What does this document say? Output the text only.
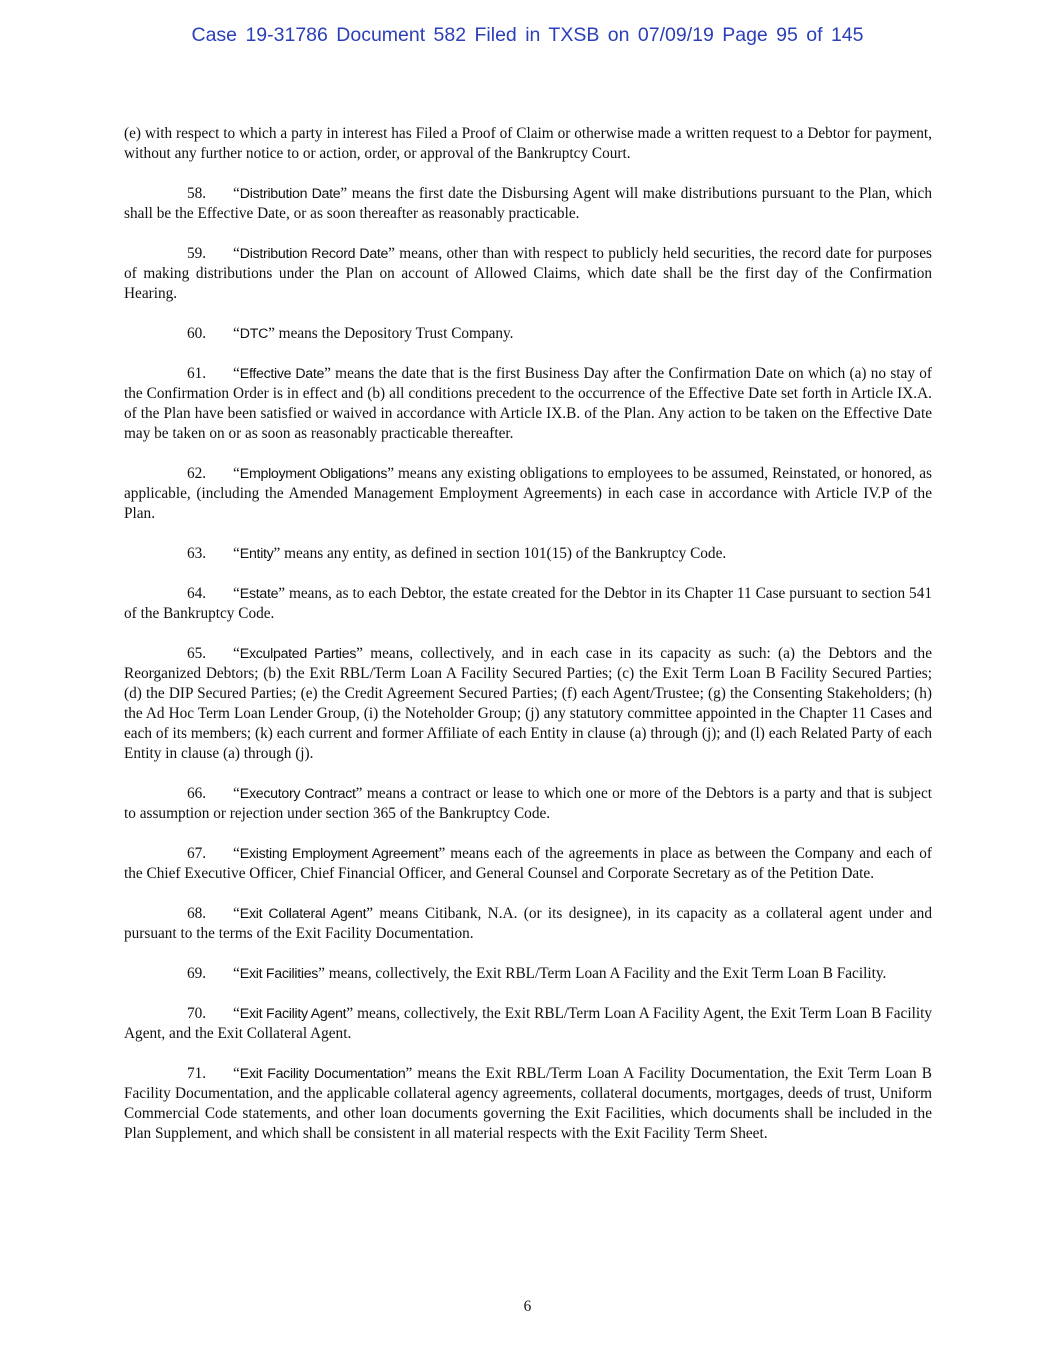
Case 19-31786 Document 582 Filed in TXSB on 07/09/19 Page 95 of 145

(e) with respect to which a party in interest has Filed a Proof of Claim or otherwise made a written request to a Debtor for payment, without any further notice to or action, order, or approval of the Bankruptcy Court.

58. “Distribution Date” means the first date the Disbursing Agent will make distributions pursuant to the Plan, which shall be the Effective Date, or as soon thereafter as reasonably practicable.

59. “Distribution Record Date” means, other than with respect to publicly held securities, the record date for purposes of making distributions under the Plan on account of Allowed Claims, which date shall be the first day of the Confirmation Hearing.

60. “DTC” means the Depository Trust Company.

61. “Effective Date” means the date that is the first Business Day after the Confirmation Date on which (a) no stay of the Confirmation Order is in effect and (b) all conditions precedent to the occurrence of the Effective Date set forth in Article IX.A. of the Plan have been satisfied or waived in accordance with Article IX.B. of the Plan. Any action to be taken on the Effective Date may be taken on or as soon as reasonably practicable thereafter.

62. “Employment Obligations” means any existing obligations to employees to be assumed, Reinstated, or honored, as applicable, (including the Amended Management Employment Agreements) in each case in accordance with Article IV.P of the Plan.

63. “Entity” means any entity, as defined in section 101(15) of the Bankruptcy Code.

64. “Estate” means, as to each Debtor, the estate created for the Debtor in its Chapter 11 Case pursuant to section 541 of the Bankruptcy Code.

65. “Exculpated Parties” means, collectively, and in each case in its capacity as such: (a) the Debtors and the Reorganized Debtors; (b) the Exit RBL/Term Loan A Facility Secured Parties; (c) the Exit Term Loan B Facility Secured Parties; (d) the DIP Secured Parties; (e) the Credit Agreement Secured Parties; (f) each Agent/Trustee; (g) the Consenting Stakeholders; (h) the Ad Hoc Term Loan Lender Group, (i) the Noteholder Group; (j) any statutory committee appointed in the Chapter 11 Cases and each of its members; (k) each current and former Affiliate of each Entity in clause (a) through (j); and (l) each Related Party of each Entity in clause (a) through (j).

66. “Executory Contract” means a contract or lease to which one or more of the Debtors is a party and that is subject to assumption or rejection under section 365 of the Bankruptcy Code.

67. “Existing Employment Agreement” means each of the agreements in place as between the Company and each of the Chief Executive Officer, Chief Financial Officer, and General Counsel and Corporate Secretary as of the Petition Date.

68. “Exit Collateral Agent” means Citibank, N.A. (or its designee), in its capacity as a collateral agent under and pursuant to the terms of the Exit Facility Documentation.

69. “Exit Facilities” means, collectively, the Exit RBL/Term Loan A Facility and the Exit Term Loan B Facility.

70. “Exit Facility Agent” means, collectively, the Exit RBL/Term Loan A Facility Agent, the Exit Term Loan B Facility Agent, and the Exit Collateral Agent.

71. “Exit Facility Documentation” means the Exit RBL/Term Loan A Facility Documentation, the Exit Term Loan B Facility Documentation, and the applicable collateral agency agreements, collateral documents, mortgages, deeds of trust, Uniform Commercial Code statements, and other loan documents governing the Exit Facilities, which documents shall be included in the Plan Supplement, and which shall be consistent in all material respects with the Exit Facility Term Sheet.

6
